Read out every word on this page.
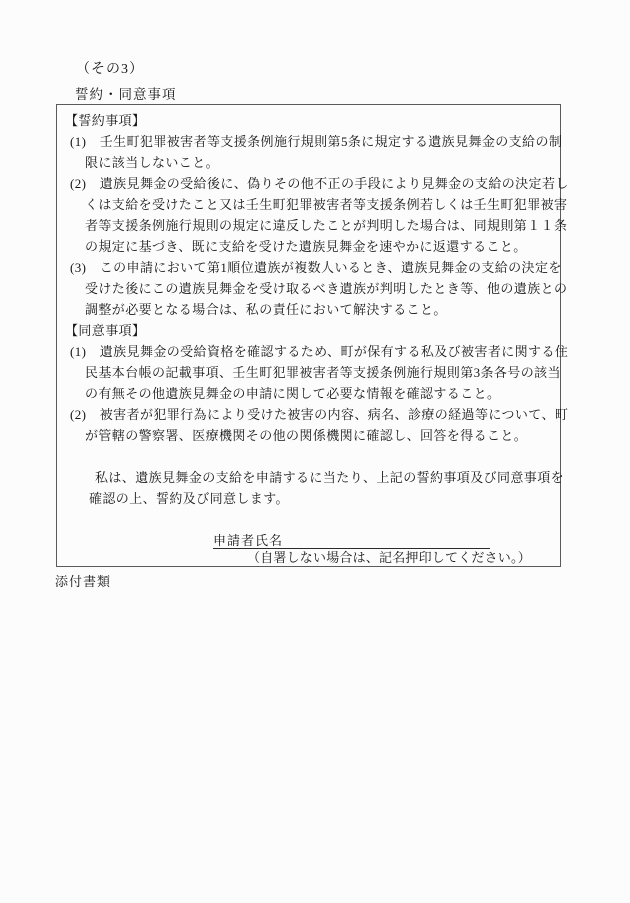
（その3）
誓約・同意事項
【誓約事項】
(1)　壬生町犯罪被害者等支援条例施行規則第5条に規定する遺族見舞金の支給の制
限に該当しないこと。
(2)　遺族見舞金の受給後に、偽りその他不正の手段により見舞金の支給の決定若し
くは支給を受けたこと又は壬生町犯罪被害者等支援条例若しくは壬生町犯罪被害
者等支援条例施行規則の規定に違反したことが判明した場合は、同規則第１１条
の規定に基づき、既に支給を受けた遺族見舞金を速やかに返還すること。
(3)　この申請において第1順位遺族が複数人いるとき、遺族見舞金の支給の決定を
受けた後にこの遺族見舞金を受け取るべき遺族が判明したとき等、他の遺族との
調整が必要となる場合は、私の責任において解決すること。
【同意事項】
(1)　遺族見舞金の受給資格を確認するため、町が保有する私及び被害者に関する住
民基本台帳の記載事項、壬生町犯罪被害者等支援条例施行規則第3条各号の該当
の有無その他遺族見舞金の申請に関して必要な情報を確認すること。
(2)　被害者が犯罪行為により受けた被害の内容、病名、診療の経過等について、町
が管轄の警察署、医療機関その他の関係機関に確認し、回答を得ること。
私は、遺族見舞金の支給を申請するに当たり、上記の誓約事項及び同意事項を
確認の上、誓約及び同意します。
申請者氏名
（自署しない場合は、記名押印してください。）
添付書類
